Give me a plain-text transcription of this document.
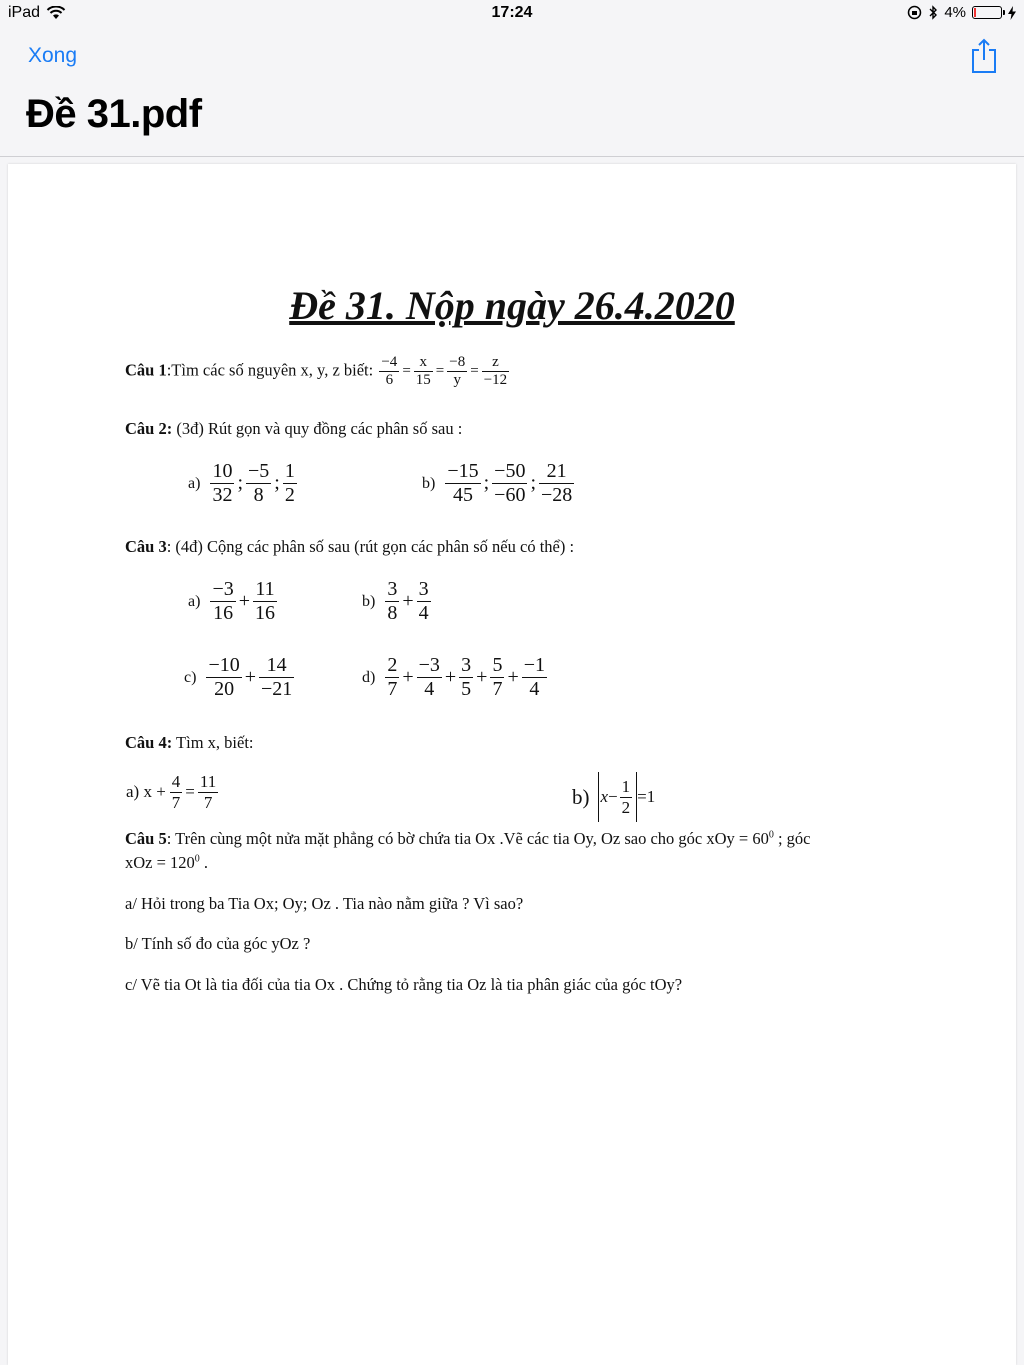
iPad	17:24	4%
Xong
Đề 31.pdf
Đề 31. Nộp ngày 26.4.2020
Câu 1:Tìm các số nguyên x, y, z biết: $\frac{-4}{6} = \frac{x}{15} = \frac{-8}{y} = \frac{z}{-12}$
Câu 2: (3đ) Rút gọn và quy đồng các phân số sau :
$a) \frac{10}{32}$ ; $\frac{-5}{8}$ ; $\frac{1}{2}$	$b) \frac{-15}{45}$ ; $\frac{-50}{-60}$ ; $\frac{21}{-28}$
Câu 3: (4đ) Cộng các phân số sau (rút gọn các phân số nếu có thể) :
$a) \frac{-3}{16} + \frac{11}{16}$	$b) \frac{3}{8} + \frac{3}{4}$
$c) \frac{-10}{20} + \frac{14}{-21}$	$d) \frac{2}{7} + \frac{-3}{4} + \frac{3}{5} + \frac{5}{7} + \frac{-1}{4}$
Câu 4: Tìm x, biết:
a) $x + \frac{4}{7} = \frac{11}{7}$	b) $x - \frac{1}{2} =1$
Câu 5: Trên cùng một nửa mặt phẳng có bờ chứa tia Ox .Vẽ các tia Oy, Oz sao cho góc xOy = $60^0$ ; góc
xOz = $120^0$ .
a/ Hỏi trong ba Tia Ox; Oy; Oz . Tia nào nằm giữa ? Vì sao?
b/ Tính số đo của góc yOz ?
c/ Vẽ tia Ot là tia đối của tia Ox . Chứng tỏ rằng tia Oz là tia phân giác của góc tOy?
